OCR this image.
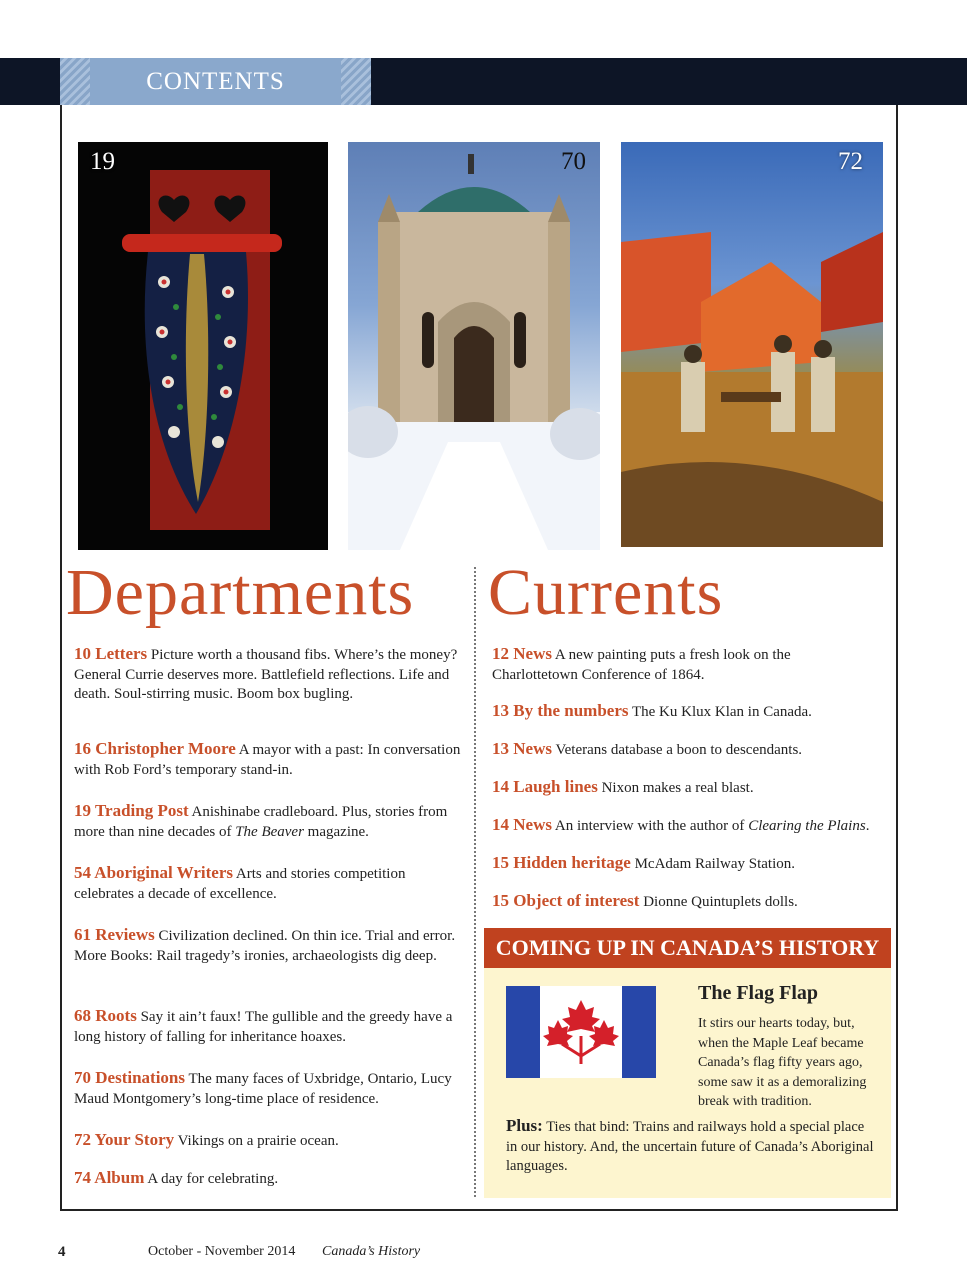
CONTENTS
19	70	72
Departments Currents
10 Letters Picture worth a thousand fibs. Where’s the money? General Currie deserves more. Battlefield reflections. Life and death. Soul-stirring music. Boom box bugling.
16 Christopher Moore A mayor with a past: In conversation with Rob Ford’s temporary stand-in.
19 Trading Post Anishinabe cradleboard. Plus, stories from more than nine decades of The Beaver magazine.
54 Aboriginal Writers Arts and stories competition celebrates a decade of excellence.
61 Reviews Civilization declined. On thin ice. Trial and error. More Books: Rail tragedy’s ironies, archaeologists dig deep.
68 Roots Say it ain’t faux! The gullible and the greedy have a long history of falling for inheritance hoaxes.
70 Destinations The many faces of Uxbridge, Ontario, Lucy Maud Montgomery’s long-time place of residence.
72 Your Story Vikings on a prairie ocean.
74 Album A day for celebrating.
12 News A new painting puts a fresh look on the Charlottetown Conference of 1864.
13 By the numbers The Ku Klux Klan in Canada.
13 News Veterans database a boon to descendants.
14 Laugh lines Nixon makes a real blast.
14 News An interview with the author of Clearing the Plains.
15 Hidden heritage McAdam Railway Station.
15 Object of interest Dionne Quintuplets dolls.
COMING UP IN CANADA’S HISTORY
The Flag Flap
It stirs our hearts today, but, when the Maple Leaf became Canada’s flag fifty years ago, some saw it as a demoralizing break with tradition.
Plus: Ties that bind: Trains and railways hold a special place in our history. And, the uncertain future of Canada’s Aboriginal languages.
4	October - November 2014 Canada’s History
